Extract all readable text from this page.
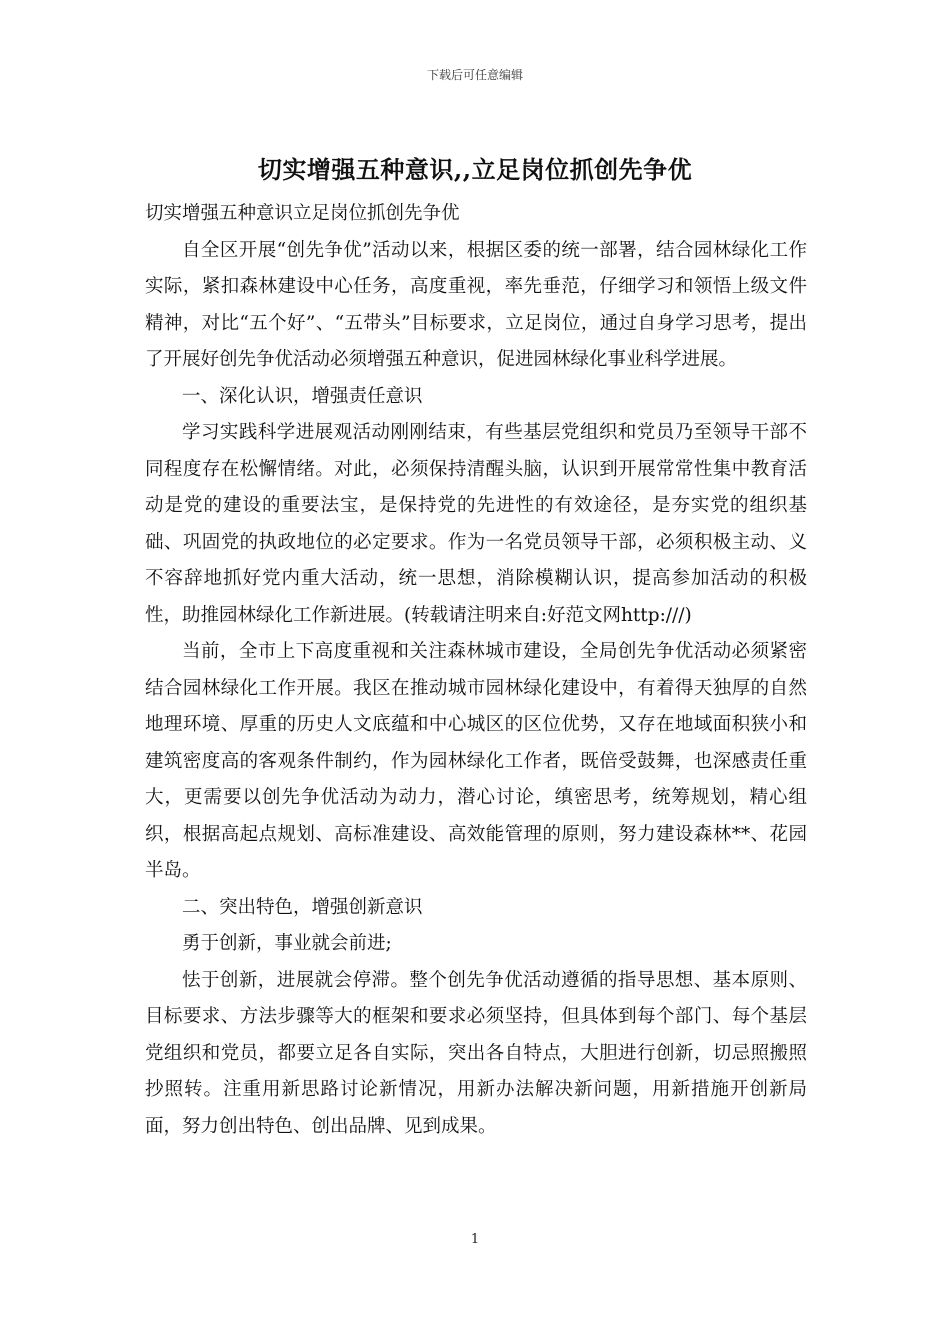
下载后可任意编辑
切实增强五种意识,,立足岗位抓创先争优

切实增强五种意识立足岗位抓创先争优

自全区开展“创先争优”活动以来，根据区委的统一部署，结合园林绿化工作实际，紧扣森林建设中心任务，高度重视，率先垂范，仔细学习和领悟上级文件精神，对比“五个好”、“五带头”目标要求，立足岗位，通过自身学习思考，提出了开展好创先争优活动必须增强五种意识，促进园林绿化事业科学进展。

一、深化认识，增强责任意识

学习实践科学进展观活动刚刚结束，有些基层党组织和党员乃至领导干部不同程度存在松懈情绪。对此，必须保持清醒头脑，认识到开展常常性集中教育活动是党的建设的重要法宝，是保持党的先进性的有效途径，是夯实党的组织基础、巩固党的执政地位的必定要求。作为一名党员领导干部，必须积极主动、义不容辞地抓好党内重大活动，统一思想，消除模糊认识，提高参加活动的积极性，助推园林绿化工作新进展。(转载请注明来自:好范文网http:///)

当前，全市上下高度重视和关注森林城市建设，全局创先争优活动必须紧密结合园林绿化工作开展。我区在推动城市园林绿化建设中，有着得天独厚的自然地理环境、厚重的历史人文底蕴和中心城区的区位优势，又存在地域面积狭小和建筑密度高的客观条件制约，作为园林绿化工作者，既倍受鼓舞，也深感责任重大，更需要以创先争优活动为动力，潜心讨论，缜密思考，统筹规划，精心组织，根据高起点规划、高标准建设、高效能管理的原则，努力建设森林**、花园半岛。

二、突出特色，增强创新意识

勇于创新，事业就会前进;

怯于创新，进展就会停滞。整个创先争优活动遵循的指导思想、基本原则、目标要求、方法步骤等大的框架和要求必须坚持，但具体到每个部门、每个基层党组织和党员，都要立足各自实际，突出各自特点，大胆进行创新，切忌照搬照抄照转。注重用新思路讨论新情况，用新办法解决新问题，用新措施开创新局面，努力创出特色、创出品牌、见到成果。

1
